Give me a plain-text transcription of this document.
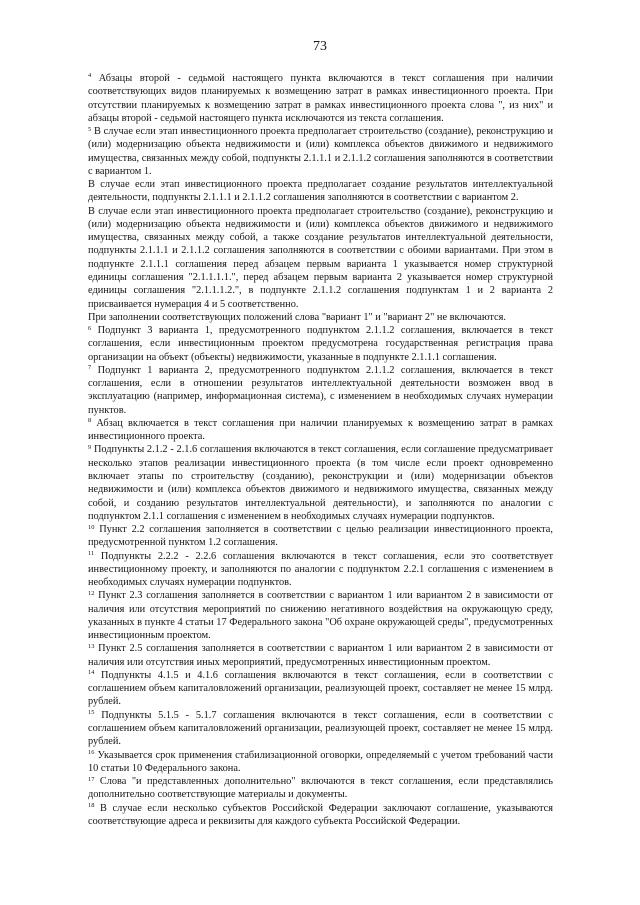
73

$^4$ Абзацы второй - седьмой настоящего пункта включаются в текст соглашения при наличии соответствующих видов планируемых к возмещению затрат в рамках инвестиционного проекта. При отсутствии планируемых к возмещению затрат в рамках инвестиционного проекта слова ", из них" и абзацы второй - седьмой настоящего пункта исключаются из текста соглашения.

$^5$ В случае если этап инвестиционного проекта предполагает строительство (создание), реконструкцию и (или) модернизацию объекта недвижимости и (или) комплекса объектов движимого и недвижимого имущества, связанных между собой, подпункты 2.1.1.1 и 2.1.1.2 соглашения заполняются в соответствии с вариантом 1.

В случае если этап инвестиционного проекта предполагает создание результатов интеллектуальной деятельности, подпункты 2.1.1.1 и 2.1.1.2 соглашения заполняются в соответствии с вариантом 2.

В случае если этап инвестиционного проекта предполагает строительство (создание), реконструкцию и (или) модернизацию объекта недвижимости и (или) комплекса объектов движимого и недвижимого имущества, связанных между собой, а также создание результатов интеллектуальной деятельности, подпункты 2.1.1.1 и 2.1.1.2 соглашения заполняются в соответствии с обоими вариантами. При этом в подпункте 2.1.1.1 соглашения перед абзацем первым варианта 1 указывается номер структурной единицы соглашения "2.1.1.1.1.", перед абзацем первым варианта 2 указывается номер структурной единицы соглашения "2.1.1.1.2.", в подпункте 2.1.1.2 соглашения подпунктам 1 и 2 варианта 2 присваивается нумерация 4 и 5 соответственно.

При заполнении соответствующих положений слова "вариант 1" и "вариант 2" не включаются.

$^6$ Подпункт 3 варианта 1, предусмотренного подпунктом 2.1.1.2 соглашения, включается в текст соглашения, если инвестиционным проектом предусмотрена государственная регистрация права организации на объект (объекты) недвижимости, указанные в подпункте 2.1.1.1 соглашения.

$^7$ Подпункт 1 варианта 2, предусмотренного подпунктом 2.1.1.2 соглашения, включается в текст соглашения, если в отношении результатов интеллектуальной деятельности возможен ввод в эксплуатацию (например, информационная система), с изменением в необходимых случаях нумерации пунктов.

$^8$ Абзац включается в текст соглашения при наличии планируемых к возмещению затрат в рамках инвестиционного проекта.

$^9$ Подпункты 2.1.2 - 2.1.6 соглашения включаются в текст соглашения, если соглашение предусматривает несколько этапов реализации инвестиционного проекта (в том числе если проект одновременно включает этапы по строительству (созданию), реконструкции и (или) модернизации объектов недвижимости и (или) комплекса объектов движимого и недвижимого имущества, связанных между собой, и созданию результатов интеллектуальной деятельности), и заполняются по аналогии с подпунктом 2.1.1 соглашения с изменением в необходимых случаях нумерации подпунктов.

$^{10}$ Пункт 2.2 соглашения заполняется в соответствии с целью реализации инвестиционного проекта, предусмотренной пунктом 1.2 соглашения.

$^{11}$ Подпункты 2.2.2 - 2.2.6 соглашения включаются в текст соглашения, если это соответствует инвестиционному проекту, и заполняются по аналогии с подпунктом 2.2.1 соглашения с изменением в необходимых случаях нумерации подпунктов.

$^{12}$ Пункт 2.3 соглашения заполняется в соответствии с вариантом 1 или вариантом 2 в зависимости от наличия или отсутствия мероприятий по снижению негативного воздействия на окружающую среду, указанных в пункте 4 статьи 17 Федерального закона "Об охране окружающей среды", предусмотренных инвестиционным проектом.

$^{13}$ Пункт 2.5 соглашения заполняется в соответствии с вариантом 1 или вариантом 2 в зависимости от наличия или отсутствия иных мероприятий, предусмотренных инвестиционным проектом.

$^{14}$ Подпункты 4.1.5 и 4.1.6 соглашения включаются в текст соглашения, если в соответствии с соглашением объем капиталовложений организации, реализующей проект, составляет не менее 15 млрд. рублей.

$^{15}$ Подпункты 5.1.5 - 5.1.7 соглашения включаются в текст соглашения, если в соответствии с соглашением объем капиталовложений организации, реализующей проект, составляет не менее 15 млрд. рублей.

$^{16}$ Указывается срок применения стабилизационной оговорки, определяемый с учетом требований части 10 статьи 10 Федерального закона.

$^{17}$ Слова "и представленных дополнительно" включаются в текст соглашения, если представлялись дополнительно соответствующие материалы и документы.

$^{18}$ В случае если несколько субъектов Российской Федерации заключают соглашение, указываются соответствующие адреса и реквизиты для каждого субъекта Российской Федерации.
